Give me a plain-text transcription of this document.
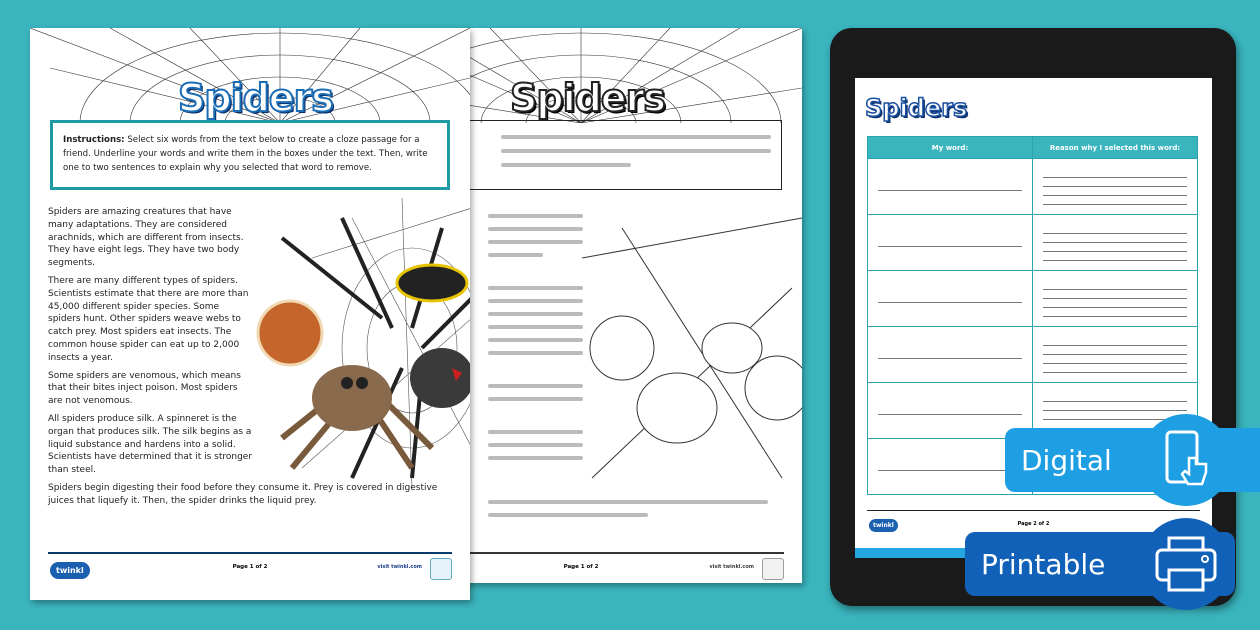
Spiders
Page 1 of 2	visit twinkl.com
Spiders
Instructions: Select six words from the text below to create a cloze passage for a friend. Underline your words and write them in the boxes under the text. Then, write one to two sentences to explain why you selected that word to remove.

Spiders are amazing creatures that have many adaptations. They are considered arachnids, which are different from insects. They have eight legs. They have two body segments.

There are many different types of spiders. Scientists estimate that there are more than 45,000 different spider species. Some spiders hunt. Other spiders weave webs to catch prey. Most spiders eat insects. The common house spider can eat up to 2,000 insects a year.

Some spiders are venomous, which means that their bites inject poison. Most spiders are not venomous.

All spiders produce silk. A spinneret is the organ that produces silk. The silk begins as a liquid substance and hardens into a solid. Scientists have determined that it is stronger than steel.

Spiders begin digesting their food before they consume it. Prey is covered in digestive juices that liquefy it. Then, the spider drinks the liquid prey.

twinkl	Page 1 of 2	visit twinkl.com
Spiders
My word:	Reason why I selected this word:

twinkl	Page 2 of 2
Digital
Printable
